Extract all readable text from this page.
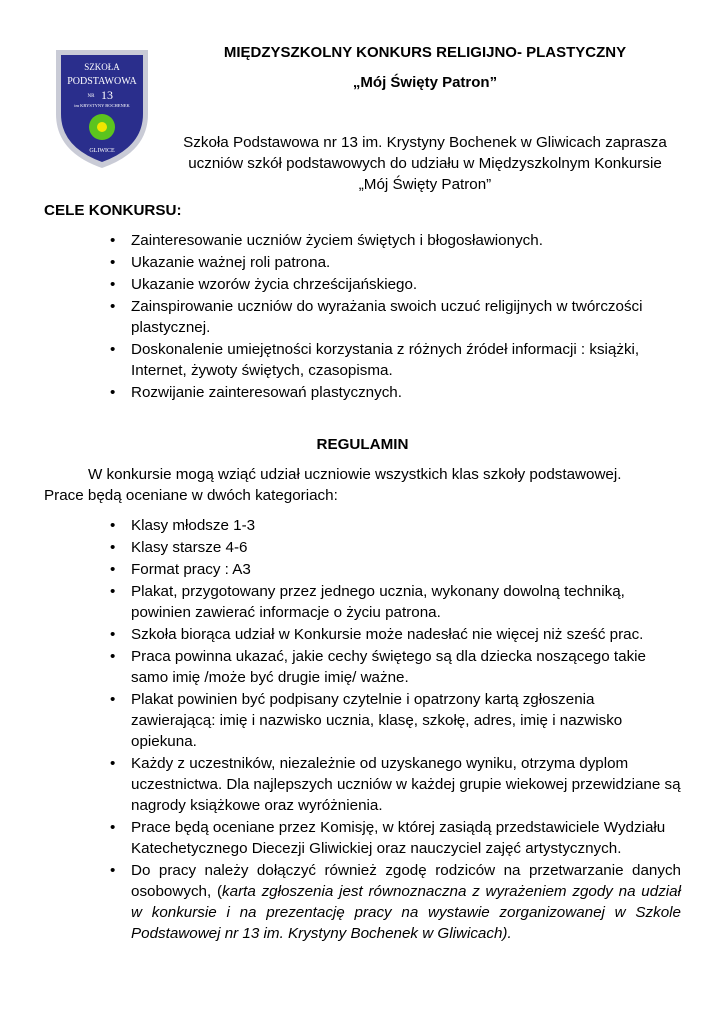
SZKOŁA
PODSTAWOWA
NR 13
im KRYSTYNY BOCHENEK
GLIWICE
MIĘDZYSZKOLNY KONKURS RELIGIJNO- PLASTYCZNY
„Mój Święty Patron”
Szkoła Podstawowa nr 13 im. Krystyny Bochenek w Gliwicach zaprasza
uczniów szkół podstawowych do udziału w Międzyszkolnym Konkursie
„Mój Święty Patron”
CELE KONKURSU:
• Zainteresowanie uczniów życiem świętych i błogosławionych.
• Ukazanie ważnej roli patrona.
• Ukazanie wzorów życia chrześcijańskiego.
• Zainspirowanie uczniów do wyrażania swoich uczuć religijnych w twórczości plastycznej.
• Doskonalenie umiejętności korzystania z różnych źródeł informacji : książki, Internet, żywoty świętych, czasopisma.
• Rozwijanie zainteresowań plastycznych.
REGULAMIN
W konkursie mogą wziąć udział uczniowie wszystkich klas szkoły podstawowej.
Prace będą oceniane w dwóch kategoriach:
• Klasy młodsze 1-3
• Klasy starsze 4-6
• Format pracy : A3
• Plakat, przygotowany przez jednego ucznia, wykonany dowolną techniką, powinien zawierać informacje o życiu patrona.
• Szkoła biorąca udział w Konkursie może nadesłać nie więcej niż sześć prac.
• Praca powinna ukazać, jakie cechy świętego są dla dziecka noszącego takie samo imię /może być drugie imię/ ważne.
• Plakat powinien być podpisany czytelnie i opatrzony kartą zgłoszenia zawierającą: imię i nazwisko ucznia, klasę, szkołę, adres, imię i nazwisko opiekuna.
• Każdy z uczestników, niezależnie od uzyskanego wyniku, otrzyma dyplom uczestnictwa. Dla najlepszych uczniów w każdej grupie wiekowej przewidziane są nagrody książkowe oraz wyróżnienia.
• Prace będą oceniane przez Komisję, w której zasiądą przedstawiciele Wydziału Katechetycznego Diecezji Gliwickiej oraz nauczyciel zajęć artystycznych.
• Do pracy należy dołączyć również zgodę rodziców na przetwarzanie danych osobowych, (karta zgłoszenia jest równoznaczna z wyrażeniem zgody na udział w konkursie i na prezentację pracy na wystawie zorganizowanej w Szkole Podstawowej nr 13 im. Krystyny Bochenek w Gliwicach).
